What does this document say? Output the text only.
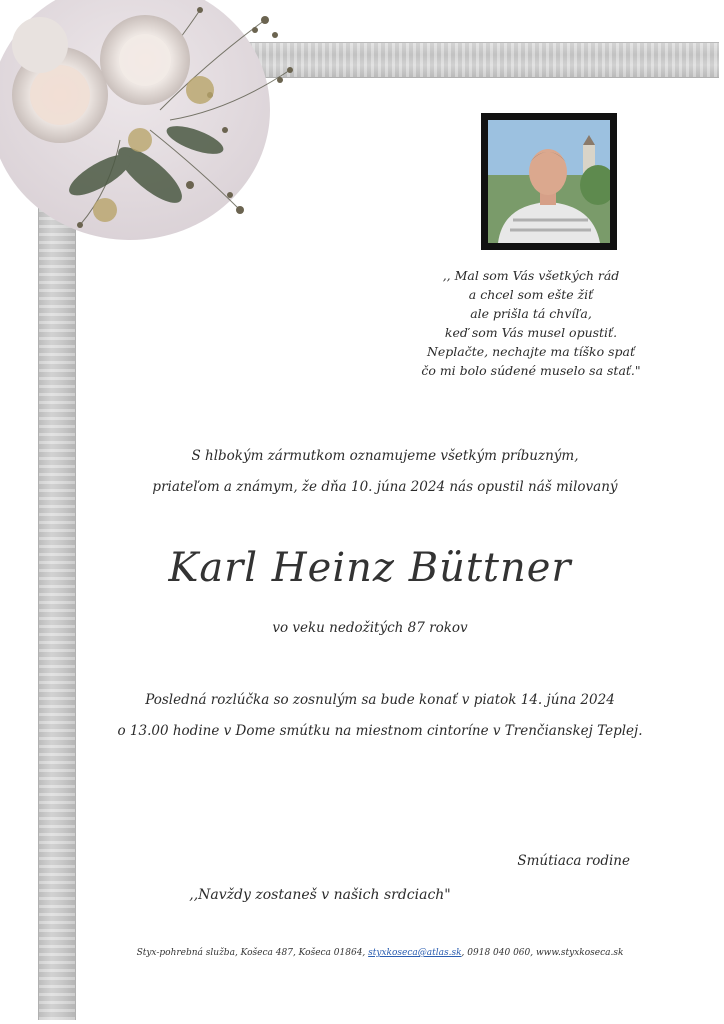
,, Mal som Vás všetkých rád
a chcel som ešte žiť
ale prišla tá chvíľa,
keď som Vás musel opustiť.
Neplačte, nechajte ma tíško spať
čo mi bolo súdené muselo sa stať."
S hlbokým zármutkom oznamujeme všetkým príbuzným,
priateľom a známym, že dňa 10. júna 2024 nás opustil náš milovaný
Karl Heinz Büttner
vo veku nedožitých 87 rokov
Posledná rozlúčka so zosnulým sa bude konať v piatok 14. júna 2024
o 13.00 hodine v Dome smútku na miestnom cintoríne v Trenčianskej Teplej.
Smútiaca rodine
,,Navždy zostaneš v našich srdciach"
Styx-pohrebná služba, Košeca 487, Košeca 01864, styxkoseca@atlas.sk, 0918 040 060, www.styxkoseca.sk
